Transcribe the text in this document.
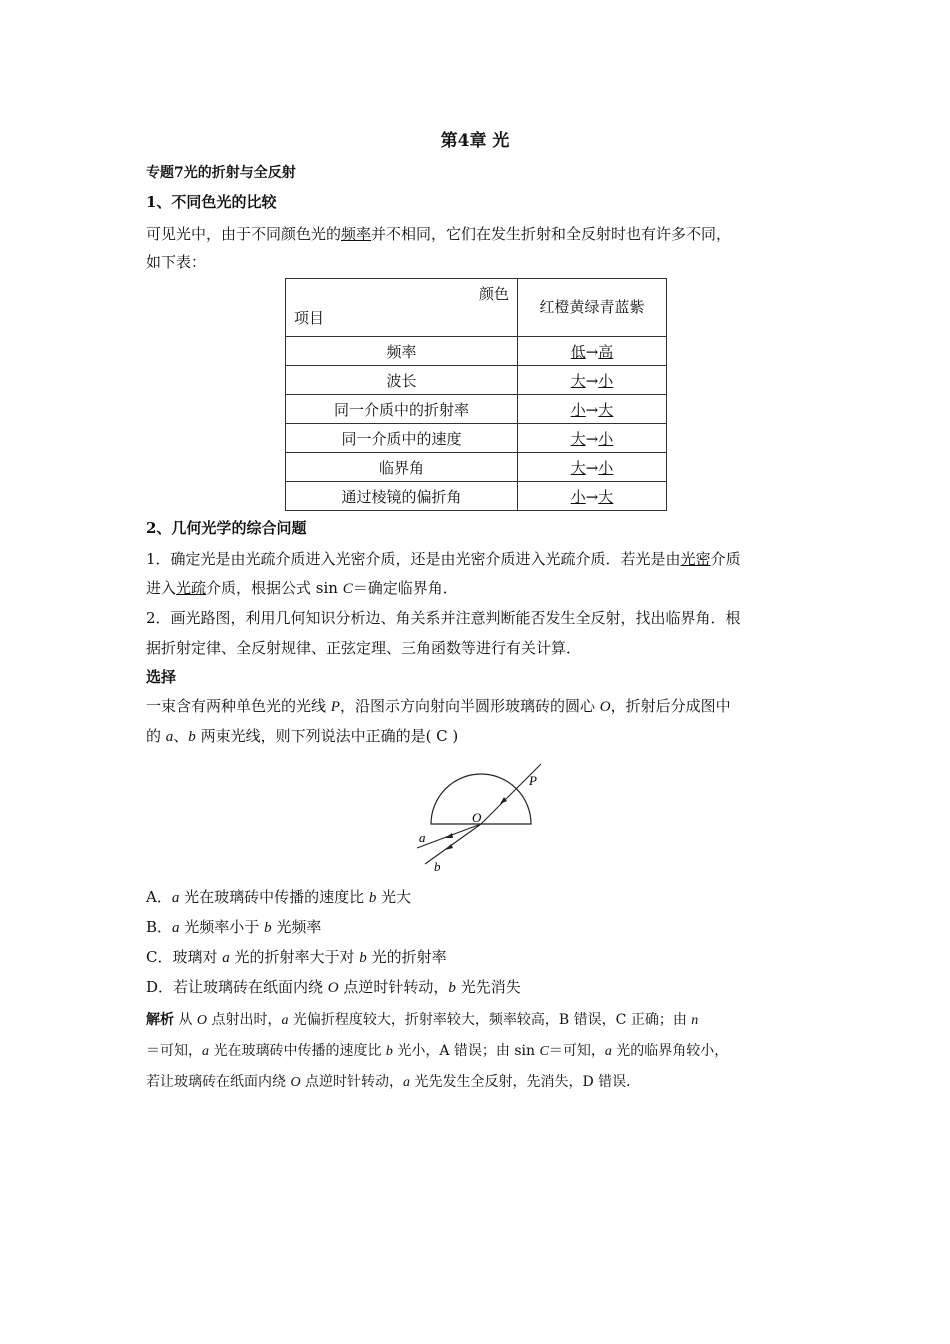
第4章 光
专题7光的折射与全反射
1、不同色光的比较
可见光中，由于不同颜色光的频率并不相同，它们在发生折射和全反射时也有许多不同，
如下表：
颜色
项目	红橙黄绿青蓝紫

频率	低→高
波长	大→小
同一介质中的折射率	小→大
同一介质中的速度	大→小
临界角	大→小
通过棱镜的偏折角	小→大
2、几何光学的综合问题
1．确定光是由光疏介质进入光密介质，还是由光密介质进入光疏介质．若光是由光密介质
进入光疏介质，根据公式 sin C＝确定临界角．
2．画光路图，利用几何知识分析边、角关系并注意判断能否发生全反射，找出临界角．根
据折射定律、全反射规律、正弦定理、三角函数等进行有关计算．
选择
一束含有两种单色光的光线 P，沿图示方向射向半圆形玻璃砖的圆心 O，折射后分成图中
的 a、b 两束光线，则下列说法中正确的是( C )
P
O
a
b
A．a 光在玻璃砖中传播的速度比 b 光大
B．a 光频率小于 b 光频率
C．玻璃对 a 光的折射率大于对 b 光的折射率
D．若让玻璃砖在纸面内绕 O 点逆时针转动，b 光先消失
解析 从 O 点射出时，a 光偏折程度较大，折射率较大，频率较高，B 错误，C 正确；由 n
＝可知，a 光在玻璃砖中传播的速度比 b 光小，A 错误；由 sin C＝可知，a 光的临界角较小，
若让玻璃砖在纸面内绕 O 点逆时针转动，a 光先发生全反射，先消失，D 错误．
